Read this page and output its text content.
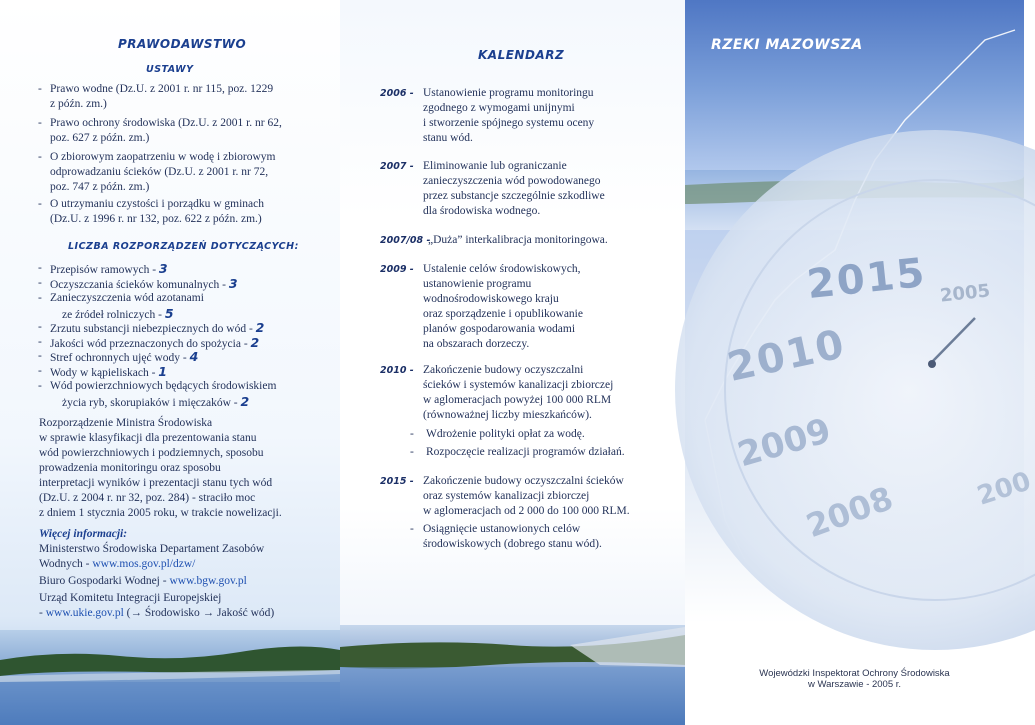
PRAWODAWSTWO
USTAWY
- Prawo wodne (Dz.U. z 2001 r. nr 115, poz. 1229
z późn. zm.)
- Prawo ochrony środowiska (Dz.U. z 2001 r. nr 62,
poz. 627 z późn. zm.)
- O zbiorowym zaopatrzeniu w wodę i zbiorowym
odprowadzaniu ścieków (Dz.U. z 2001 r. nr 72,
poz. 747 z późn. zm.)
- O utrzymaniu czystości i porządku w gminach
(Dz.U. z 1996 r. nr 132, poz. 622 z późn. zm.)
LICZBA ROZPORZĄDZEŃ DOTYCZĄCYCH:
- Przepisów ramowych - 3
- Oczyszczania ścieków komunalnych - 3
- Zanieczyszczenia wód azotanami
ze źródeł rolniczych - 5
- Zrzutu substancji niebezpiecznych do wód - 2
- Jakości wód przeznaczonych do spożycia - 2
- Stref ochronnych ujęć wody - 4
- Wody w kąpieliskach - 1
- Wód powierzchniowych będących środowiskiem
życia ryb, skorupiaków i mięczaków - 2
Rozporządzenie Ministra Środowiska
w sprawie klasyfikacji dla prezentowania stanu
wód powierzchniowych i podziemnych, sposobu
prowadzenia monitoringu oraz sposobu
interpretacji wyników i prezentacji stanu tych wód
(Dz.U. z 2004 r. nr 32, poz. 284) - straciło moc
z dniem 1 stycznia 2005 roku, w trakcie nowelizacji.
Więcej informacji:
Ministerstwo Środowiska Departament Zasobów
Wodnych - www.mos.gov.pl/dzw/
Biuro Gospodarki Wodnej - www.bgw.gov.pl
Urząd Komitetu Integracji Europejskiej
- www.ukie.gov.pl (→ Środowisko → Jakość wód)
KALENDARZ
2006 - Ustanowienie programu monitoringu
zgodnego z wymogami unijnymi
i stworzenie spójnego systemu oceny
stanu wód.
2007 - Eliminowanie lub ograniczanie
zanieczyszczenia wód powodowanego
przez substancje szczególnie szkodliwe
dla środowiska wodnego.
2007/08 -
„Duża” interkalibracja monitoringowa.
2009 - Ustalenie celów środowiskowych,
ustanowienie programu
wodnośrodowiskowego kraju
oraz sporządzenie i opublikowanie
planów gospodarowania wodami
na obszarach dorzeczy.
2010 - Zakończenie budowy oczyszczalni
ścieków i systemów kanalizacji zbiorczej
w aglomeracjach powyżej 100 000 RLM
(równoważnej liczby mieszkańców).
- Wdrożenie polityki opłat za wodę.
- Rozpoczęcie realizacji programów działań.
2015 - Zakończenie budowy oczyszczalni ścieków
oraz systemów kanalizacji zbiorczej
w aglomeracjach od 2 000 do 100 000 RLM.
- Osiągnięcie ustanowionych celów
środowiskowych (dobrego stanu wód).
2015 2005
2010
2009
2008	200
RZEKI MAZOWSZA
Wojewódzki Inspektorat Ochrony Środowiska
w Warszawie - 2005 r.
